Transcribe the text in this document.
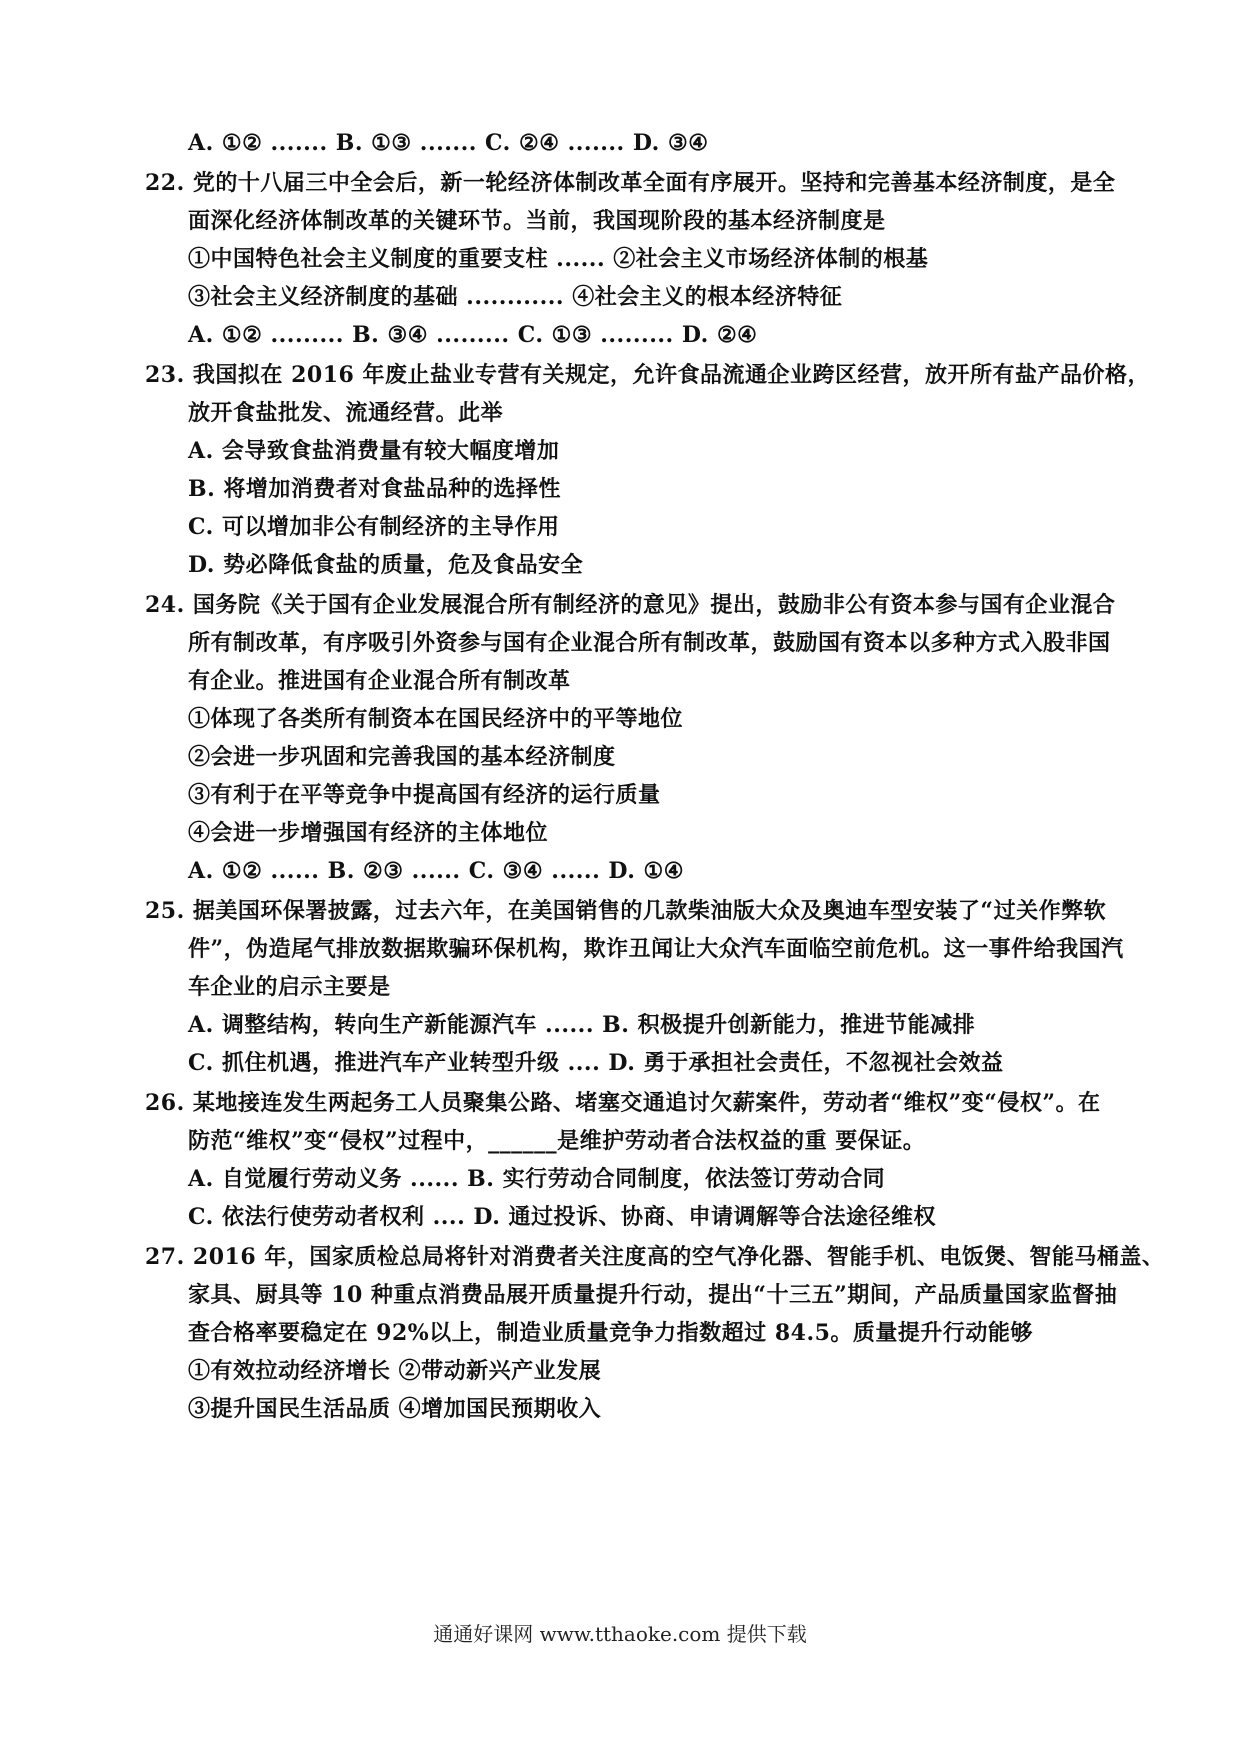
A. ①② ....... B. ①③ ....... C. ②④ ....... D. ③④
22. 党的十八届三中全会后，新一轮经济体制改革全面有序展开。坚持和完善基本经济制度，是全
面深化经济体制改革的关键环节。当前，我国现阶段的基本经济制度是
①中国特色社会主义制度的重要支柱 ...... ②社会主义市场经济体制的根基
③社会主义经济制度的基础 ............ ④社会主义的根本经济特征
A. ①② ......... B. ③④ ......... C. ①③ ......... D. ②④
23. 我国拟在 2016 年废止盐业专营有关规定，允许食品流通企业跨区经营，放开所有盐产品价格，
放开食盐批发、流通经营。此举
A. 会导致食盐消费量有较大幅度增加
B. 将增加消费者对食盐品种的选择性
C. 可以增加非公有制经济的主导作用
D. 势必降低食盐的质量，危及食品安全
24. 国务院《关于国有企业发展混合所有制经济的意见》提出，鼓励非公有资本参与国有企业混合
所有制改革，有序吸引外资参与国有企业混合所有制改革，鼓励国有资本以多种方式入股非国
有企业。推进国有企业混合所有制改革
①体现了各类所有制资本在国民经济中的平等地位
②会进一步巩固和完善我国的基本经济制度
③有利于在平等竞争中提高国有经济的运行质量
④会进一步增强国有经济的主体地位
A. ①② ...... B. ②③ ...... C. ③④ ...... D. ①④
25. 据美国环保署披露，过去六年，在美国销售的几款柴油版大众及奥迪车型安装了“过关作弊软
件”，伪造尾气排放数据欺骗环保机构，欺诈丑闻让大众汽车面临空前危机。这一事件给我国汽
车企业的启示主要是
A. 调整结构，转向生产新能源汽车 ...... B. 积极提升创新能力，推进节能减排
C. 抓住机遇，推进汽车产业转型升级 .... D. 勇于承担社会责任，不忽视社会效益
26. 某地接连发生两起务工人员聚集公路、堵塞交通追讨欠薪案件，劳动者“维权”变“侵权”。在
防范“维权”变“侵权”过程中，______是维护劳动者合法权益的重 要保证。
A. 自觉履行劳动义务 ...... B. 实行劳动合同制度，依法签订劳动合同
C. 依法行使劳动者权利 .... D. 通过投诉、协商、申请调解等合法途径维权
27. 2016 年，国家质检总局将针对消费者关注度高的空气净化器、智能手机、电饭煲、智能马桶盖、
家具、厨具等 10 种重点消费品展开质量提升行动，提出“十三五”期间，产品质量国家监督抽
查合格率要稳定在 92%以上，制造业质量竞争力指数超过 84.5。质量提升行动能够
①有效拉动经济增长 ②带动新兴产业发展
③提升国民生活品质 ④增加国民预期收入
通通好课网 www.tthaoke.com 提供下载
